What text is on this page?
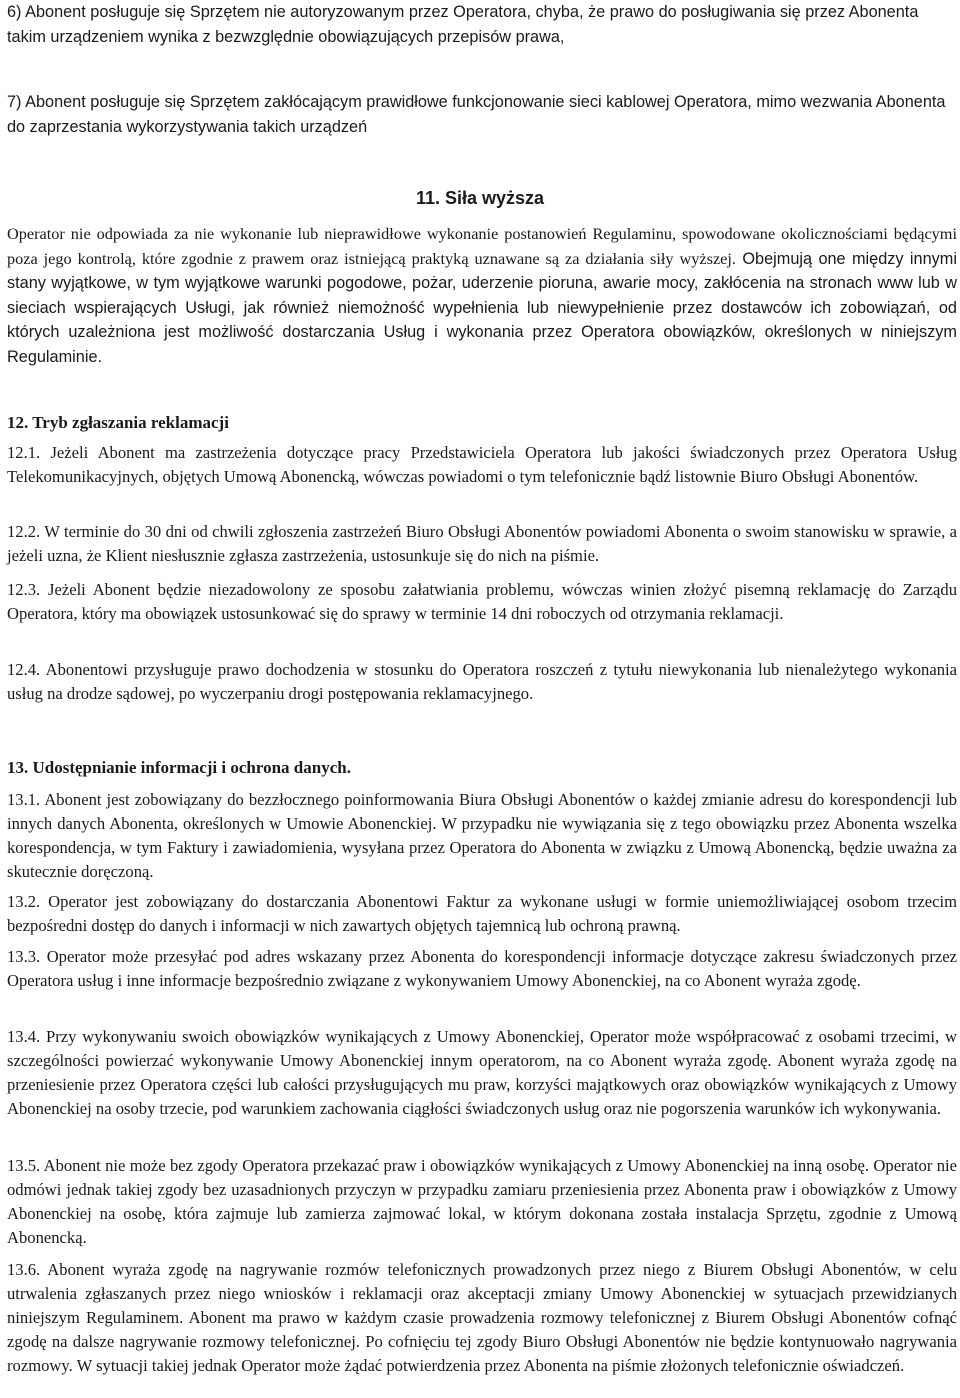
6) Abonent posługuje się Sprzętem nie autoryzowanym przez Operatora, chyba, że prawo do posługiwania się przez Abonenta takim urządzeniem wynika z bezwzględnie obowiązujących przepisów prawa,

7) Abonent posługuje się Sprzętem zakłócającym prawidłowe funkcjonowanie sieci kablowej Operatora, mimo wezwania Abonenta do zaprzestania wykorzystywania takich urządzeń

11. Siła wyższa

Operator nie odpowiada za nie wykonanie lub nieprawidłowe wykonanie postanowień Regulaminu, spowodowane okolicznościami będącymi poza jego kontrolą, które zgodnie z prawem oraz istniejącą praktyką uznawane są za działania siły wyższej. Obejmują one między innymi stany wyjątkowe, w tym wyjątkowe warunki pogodowe, pożar, uderzenie pioruna, awarie mocy, zakłócenia na stronach www lub w sieciach wspierających Usługi, jak również niemożność wypełnienia lub niewypełnienie przez dostawców ich zobowiązań, od których uzależniona jest możliwość dostarczania Usług i wykonania przez Operatora obowiązków, określonych w niniejszym Regulaminie.

12. Tryb zgłaszania reklamacji

12.1. Jeżeli Abonent ma zastrzeżenia dotyczące pracy Przedstawiciela Operatora lub jakości świadczonych przez Operatora Usług Telekomunikacyjnych, objętych Umową Abonencką, wówczas powiadomi o tym telefonicznie bądź listownie Biuro Obsługi Abonentów.

12.2. W terminie do 30 dni od chwili zgłoszenia zastrzeżeń Biuro Obsługi Abonentów powiadomi Abonenta o swoim stanowisku w sprawie, a jeżeli uzna, że Klient niesłusznie zgłasza zastrzeżenia, ustosunkuje się do nich na piśmie.

12.3. Jeżeli Abonent będzie niezadowolony ze sposobu załatwiania problemu, wówczas winien złożyć pisemną reklamację do Zarządu Operatora, który ma obowiązek ustosunkować się do sprawy w terminie 14 dni roboczych od otrzymania reklamacji.

12.4. Abonentowi przysługuje prawo dochodzenia w stosunku do Operatora roszczeń z tytułu niewykonania lub nienależytego wykonania usług na drodze sądowej, po wyczerpaniu drogi postępowania reklamacyjnego.

13. Udostępnianie informacji i ochrona danych.

13.1. Abonent jest zobowiązany do bezzłocznego poinformowania Biura Obsługi Abonentów o każdej zmianie adresu do korespondencji lub innych danych Abonenta, określonych w Umowie Abonenckiej. W przypadku nie wywiązania się z tego obowiązku przez Abonenta wszelka korespondencja, w tym Faktury i zawiadomienia, wysyłana przez Operatora do Abonenta w związku z Umową Abonencką, będzie uważna za skutecznie doręczoną.

13.2. Operator jest zobowiązany do dostarczania Abonentowi Faktur za wykonane usługi w formie uniemożliwiającej osobom trzecim bezpośredni dostęp do danych i informacji w nich zawartych objętych tajemnicą lub ochroną prawną.

13.3. Operator może przesyłać pod adres wskazany przez Abonenta do korespondencji informacje dotyczące zakresu świadczonych przez Operatora usług i inne informacje bezpośrednio związane z wykonywaniem Umowy Abonenckiej, na co Abonent wyraża zgodę.

13.4. Przy wykonywaniu swoich obowiązków wynikających z Umowy Abonenckiej, Operator może współpracować z osobami trzecimi, w szczególności powierzać wykonywanie Umowy Abonenckiej innym operatorom, na co Abonent wyraża zgodę. Abonent wyraża zgodę na przeniesienie przez Operatora części lub całości przysługujących mu praw, korzyści majątkowych oraz obowiązków wynikających z Umowy Abonenckiej na osoby trzecie, pod warunkiem zachowania ciągłości świadczonych usług oraz nie pogorszenia warunków ich wykonywania.

13.5. Abonent nie może bez zgody Operatora przekazać praw i obowiązków wynikających z Umowy Abonenckiej na inną osobę. Operator nie odmówi jednak takiej zgody bez uzasadnionych przyczyn w przypadku zamiaru przeniesienia przez Abonenta praw i obowiązków z Umowy Abonenckiej na osobę, która zajmuje lub zamierza zajmować lokal, w którym dokonana została instalacja Sprzętu, zgodnie z Umową Abonencką.

13.6. Abonent wyraża zgodę na nagrywanie rozmów telefonicznych prowadzonych przez niego z Biurem Obsługi Abonentów, w celu utrwalenia zgłaszanych przez niego wniosków i reklamacji oraz akceptacji zmiany Umowy Abonenckiej w sytuacjach przewidzianych niniejszym Regulaminem. Abonent ma prawo w każdym czasie prowadzenia rozmowy telefonicznej z Biurem Obsługi Abonentów cofnąć zgodę na dalsze nagrywanie rozmowy telefonicznej. Po cofnięciu tej zgody Biuro Obsługi Abonentów nie będzie kontynuowało nagrywania rozmowy. W sytuacji takiej jednak Operator może żądać potwierdzenia przez Abonenta na piśmie złożonych telefonicznie oświadczeń.
